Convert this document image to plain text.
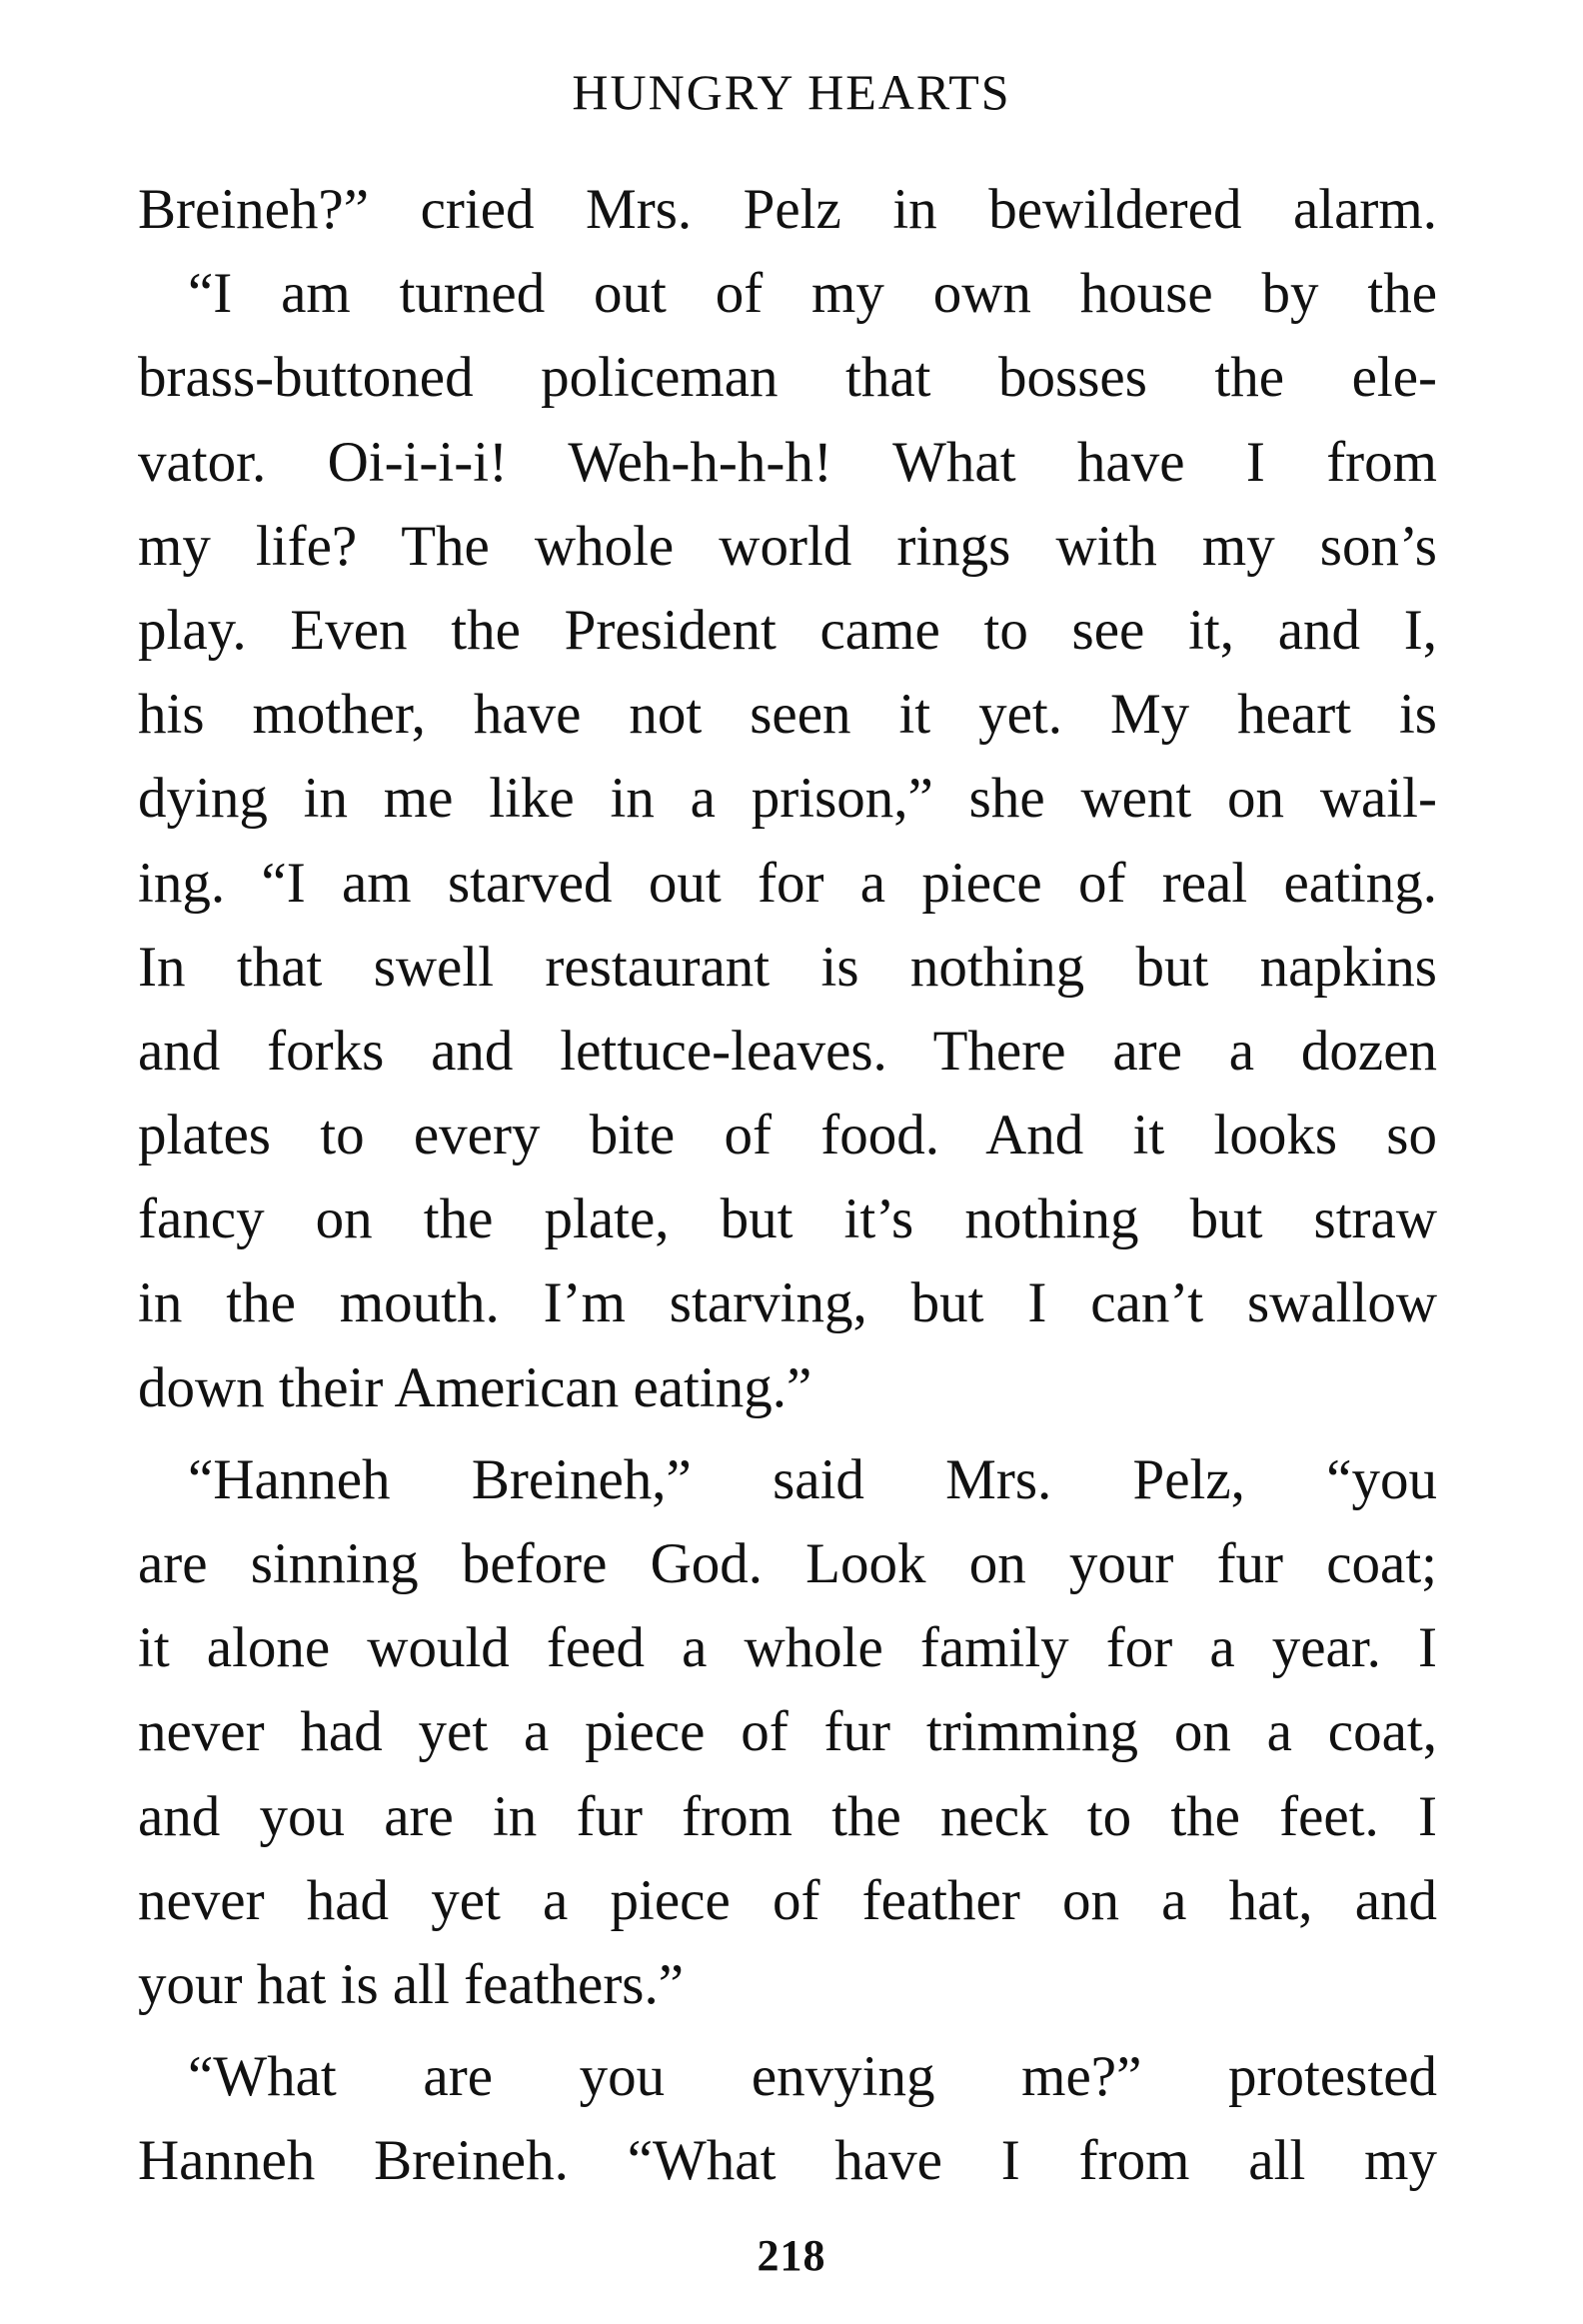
HUNGRY HEARTS
Breineh?” cried Mrs. Pelz in bewildered alarm.
“I am turned out of my own house by the
brass-buttoned policeman that bosses the ele-
vator. Oi-i-i-i! Weh-h-h-h! What have I from
my life? The whole world rings with my son’s
play. Even the President came to see it, and I,
his mother, have not seen it yet. My heart is
dying in me like in a prison,” she went on wail-
ing. “I am starved out for a piece of real eating.
In that swell restaurant is nothing but napkins
and forks and lettuce-leaves. There are a dozen
plates to every bite of food. And it looks so
fancy on the plate, but it’s nothing but straw
in the mouth. I’m starving, but I can’t swallow
down their American eating.”
“Hanneh Breineh,” said Mrs. Pelz, “you
are sinning before God. Look on your fur coat;
it alone would feed a whole family for a year. I
never had yet a piece of fur trimming on a coat,
and you are in fur from the neck to the feet. I
never had yet a piece of feather on a hat, and
your hat is all feathers.”
“What are you envying me?” protested
Hanneh Breineh. “What have I from all my
218
